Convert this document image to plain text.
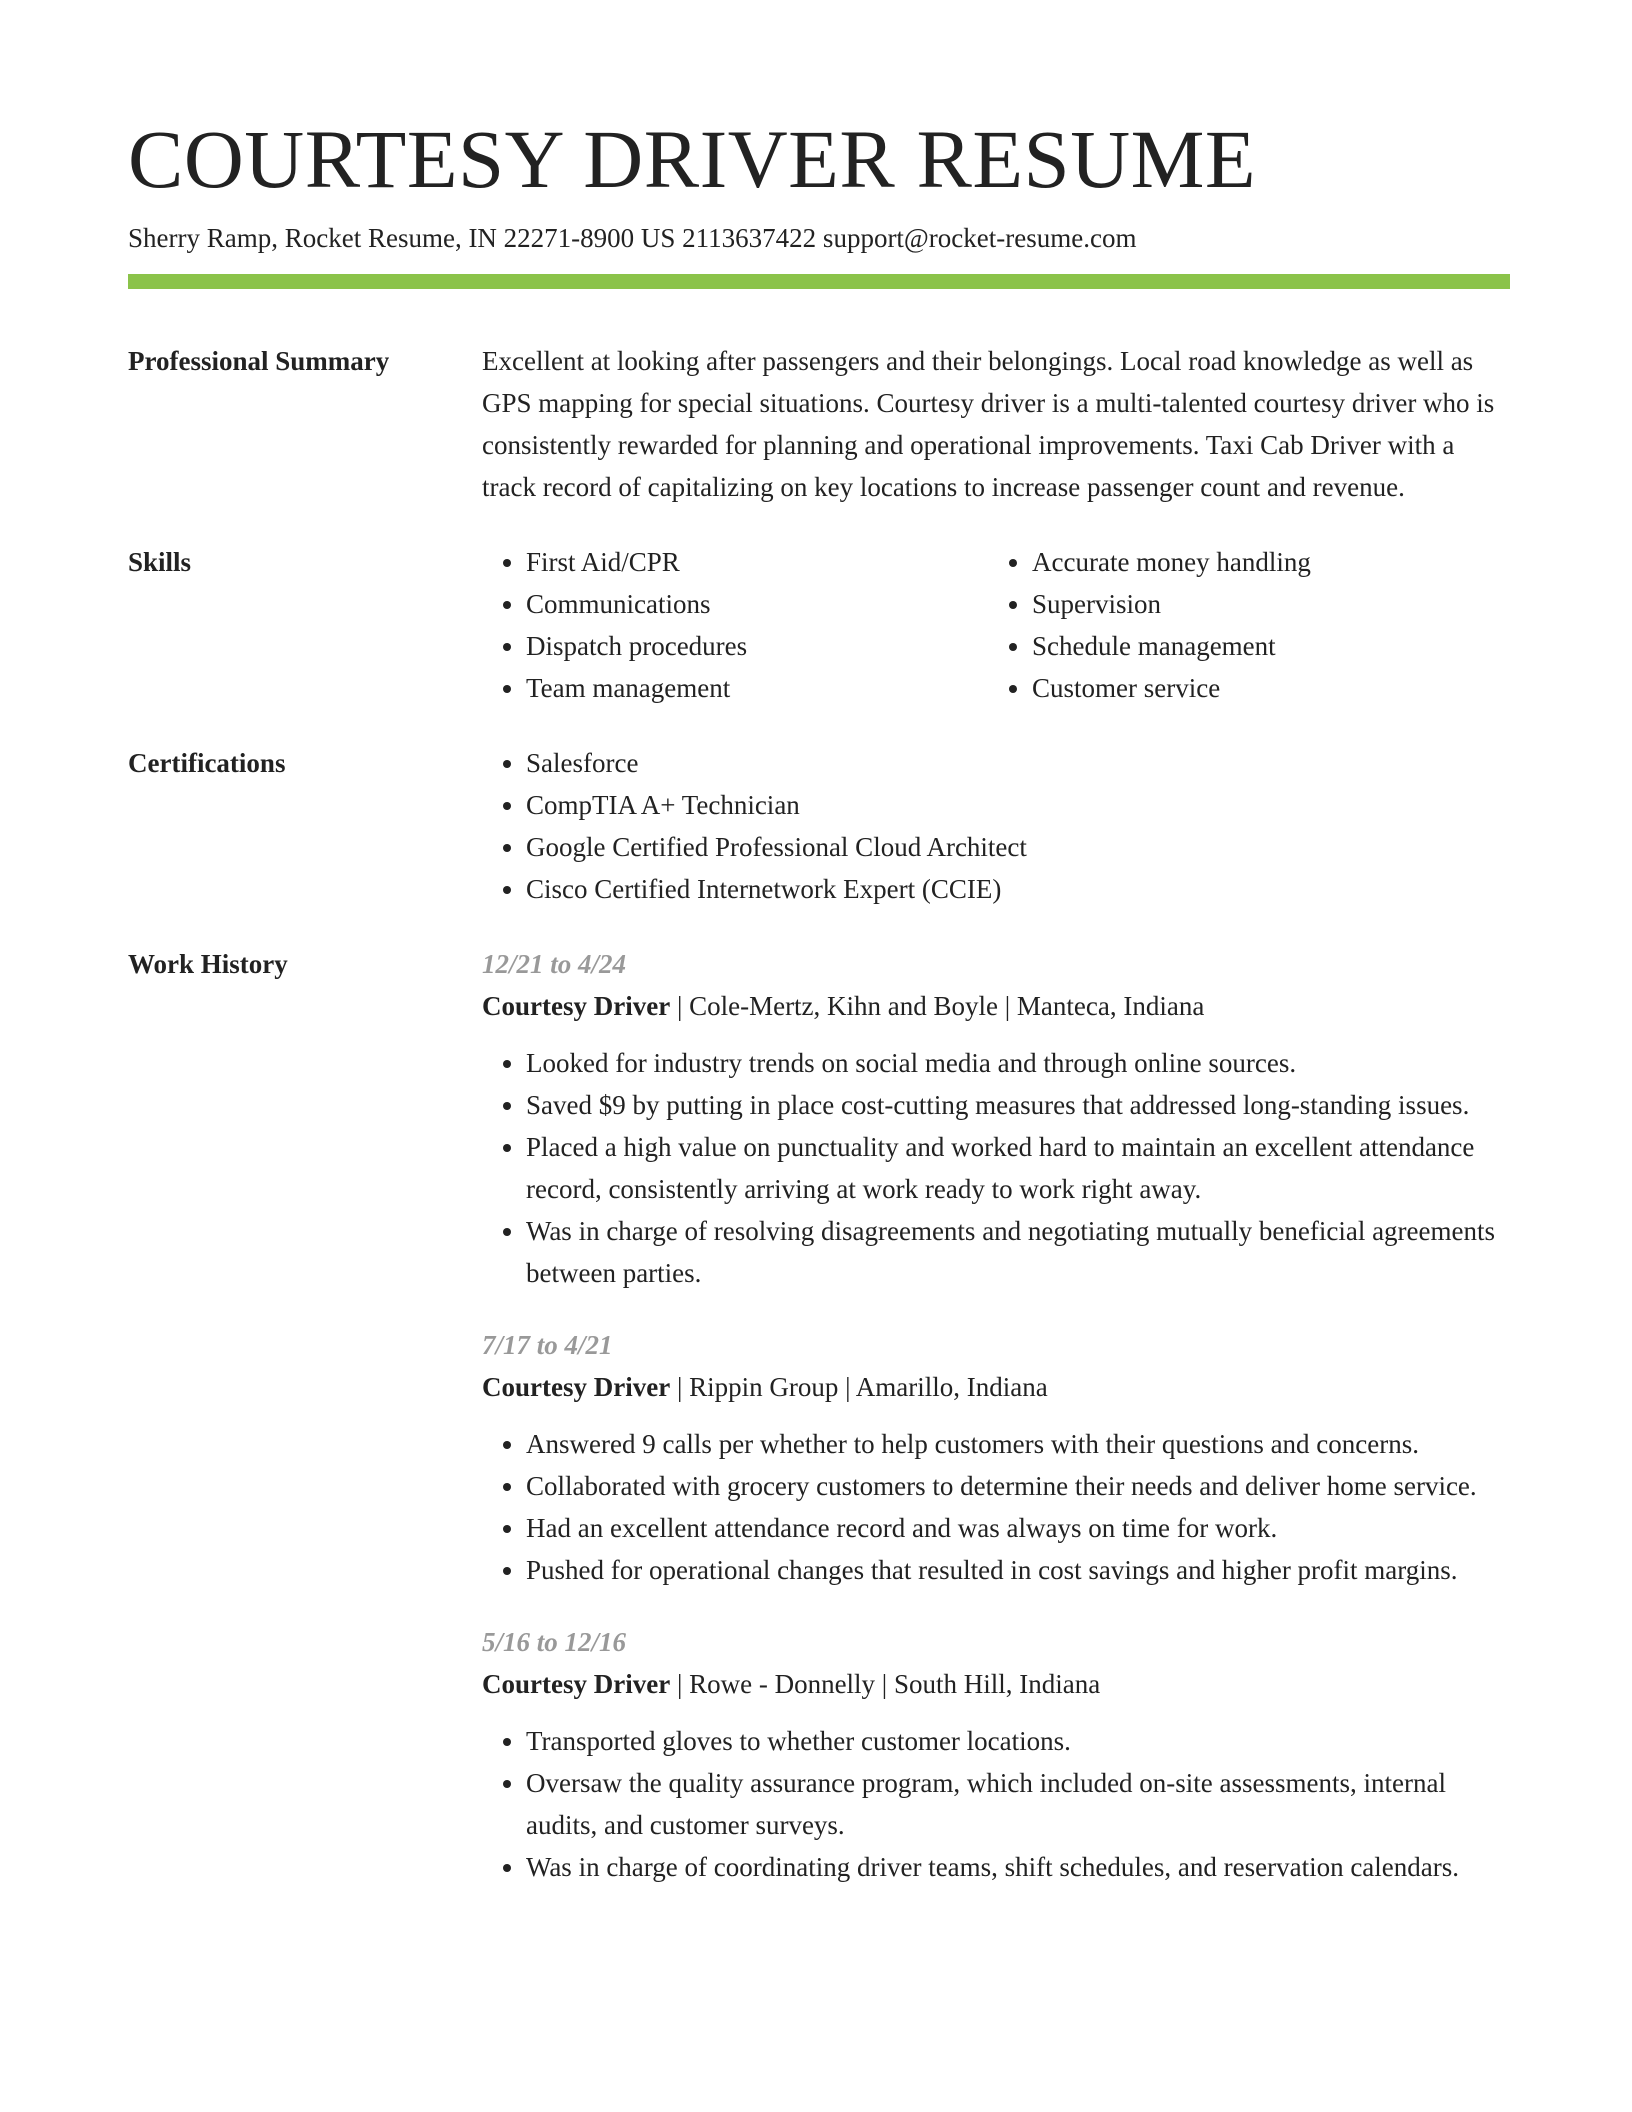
COURTESY DRIVER RESUME
Sherry Ramp, Rocket Resume, IN 22271-8900 US 2113637422 support@rocket-resume.com
Professional Summary	Excellent at looking after passengers and their belongings. Local road knowledge as well as GPS mapping for special situations. Courtesy driver is a multi-talented courtesy driver who is consistently rewarded for planning and operational improvements. Taxi Cab Driver with a track record of capitalizing on key locations to increase passenger count and revenue.

Skills	• First Aid/CPR
• Communications
• Dispatch procedures
• Team management
• Accurate money handling
• Supervision
• Schedule management
• Customer service
Certifications	• Salesforce
• CompTIA A+ Technician
• Google Certified Professional Cloud Architect
• Cisco Certified Internetwork Expert (CCIE)
Work History	12/21 to 4/24
Courtesy Driver | Cole-Mertz, Kihn and Boyle | Manteca, Indiana
• Looked for industry trends on social media and through online sources.
• Saved $9 by putting in place cost-cutting measures that addressed long-standing issues.
• Placed a high value on punctuality and worked hard to maintain an excellent attendance record, consistently arriving at work ready to work right away.
• Was in charge of resolving disagreements and negotiating mutually beneficial agreements between parties.
7/17 to 4/21
Courtesy Driver | Rippin Group | Amarillo, Indiana
• Answered 9 calls per whether to help customers with their questions and concerns.
• Collaborated with grocery customers to determine their needs and deliver home service.
• Had an excellent attendance record and was always on time for work.
• Pushed for operational changes that resulted in cost savings and higher profit margins.
5/16 to 12/16
Courtesy Driver | Rowe - Donnelly | South Hill, Indiana
• Transported gloves to whether customer locations.
• Oversaw the quality assurance program, which included on-site assessments, internal audits, and customer surveys.
• Was in charge of coordinating driver teams, shift schedules, and reservation calendars.
